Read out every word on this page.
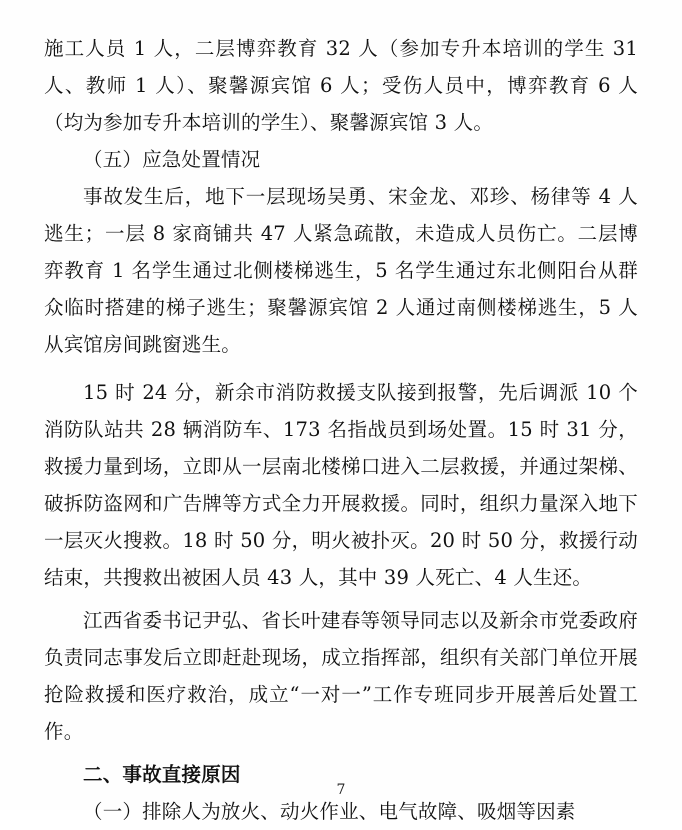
施工人员 1 人，二层博弈教育 32 人（参加专升本培训的学生 31 人、教师 1 人）、聚馨源宾馆 6 人；受伤人员中，博弈教育 6 人（均为参加专升本培训的学生）、聚馨源宾馆 3 人。

（五）应急处置情况

事故发生后，地下一层现场吴勇、宋金龙、邓珍、杨律等 4 人逃生；一层 8 家商铺共 47 人紧急疏散，未造成人员伤亡。二层博弈教育 1 名学生通过北侧楼梯逃生，5 名学生通过东北侧阳台从群众临时搭建的梯子逃生；聚馨源宾馆 2 人通过南侧楼梯逃生，5 人从宾馆房间跳窗逃生。

15 时 24 分，新余市消防救援支队接到报警，先后调派 10 个消防队站共 28 辆消防车、173 名指战员到场处置。15 时 31 分，救援力量到场，立即从一层南北楼梯口进入二层救援，并通过架梯、破拆防盗网和广告牌等方式全力开展救援。同时，组织力量深入地下一层灭火搜救。18 时 50 分，明火被扑灭。20 时 50 分，救援行动结束，共搜救出被困人员 43 人，其中 39 人死亡、4 人生还。

江西省委书记尹弘、省长叶建春等领导同志以及新余市党委政府负责同志事发后立即赶赴现场，成立指挥部，组织有关部门单位开展抢险救援和医疗救治，成立“一对一”工作专班同步开展善后处置工作。

二、事故直接原因

（一）排除人为放火、动火作业、电气故障、吸烟等因素

7
